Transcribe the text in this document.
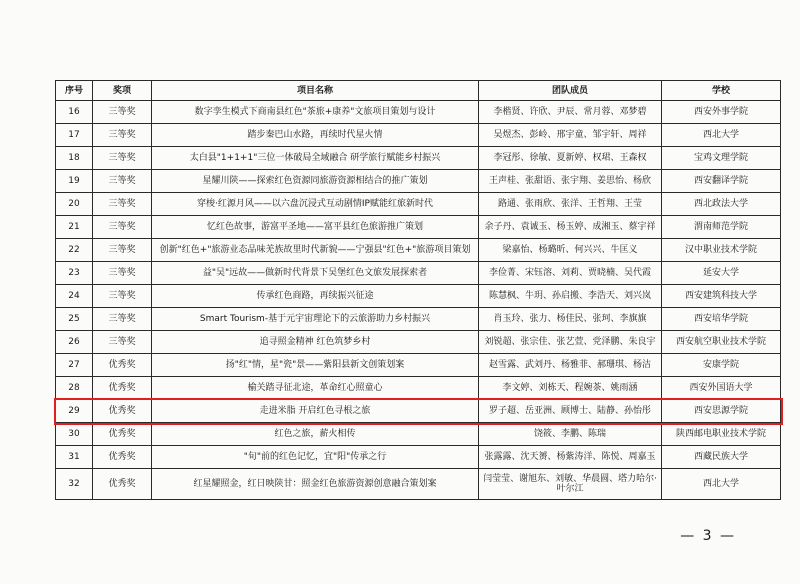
序号	奖项	项目名称	团队成员	学校
16	三等奖	数字孪生模式下商南县红色"茶旅+康养"文旅项目策划与设计	李楷贤、许欣、尹辰、常月蓉、邓梦碧	西安外事学院
17	三等奖	踏步秦巴山水路，再续时代星火情	吴煜杰、彭岭、邢宇童、邹宇轩、周祥	西北大学
18	三等奖	太白县"1+1+1"三位一体破局全域融合 研学旅行赋能乡村振兴	李冠彤、徐敏、夏新婷、权珺、王森权	宝鸡文理学院
19	三等奖	星耀川陕——探索红色资源同旅游资源相结合的推广策划	王声桂、张甜语、张宇翔、姜思怡、杨欣	西安翻译学院
20	三等奖	穿梭·红源月风——以六盘沉浸式互动剧情IP赋能红旅新时代	路通、张雨欣、张洋、王哲翔、王莹	西北政法大学
21	三等奖	忆红色故事，游富平圣地——富平县红色旅游推广策划	余子丹、袁诚玉、杨玉婷、成湘玉、蔡宇祥	渭南师范学院
22	三等奖	创新"红色+"旅游业态品味羌族故里时代新貌——宁强县"红色+"旅游项目策划	梁嘉怡、杨璐昕、何兴兴、牛匡义	汉中职业技术学院
23	三等奖	益"吴"远故——做新时代背景下吴堡红色文旅发展探索者	李俭菁、宋钰溶、刘莉、贾晓楠、吴代霞	延安大学
24	三等奖	传承红色商路，再续振兴征途	陈慧枫、牛玥、孙启搬、李浩天、刘兴岚	西安建筑科技大学
25	三等奖	Smart Tourism-基于元宇宙理论下的云旅游助力乡村振兴	肖玉玲、张力、杨佳民、张珂、李旗旗	西安培华学院
26	三等奖	追寻照金精神 红色筑梦乡村	刘锐超、张宗佳、张艺萱、党泽鹏、朱良宇	西安航空职业技术学院
27	优秀奖	扬"红"情，星"瓷"景——紫阳县新文创策划案	赵雪露、武刘丹、杨雅菲、郝珊琪、杨洁	安康学院
28	优秀奖	榆关踏寻征北途，革命红心照童心	李文婷、刘栋天、程婉茶、姚雨涵	西安外国语大学
29	优秀奖	走进米脂 开启红色寻根之旅	罗子超、岳亚洲、顾博士、陆静、孙怡彤	西安思源学院
30	优秀奖	红色之旅，薪火相传	饶筱、李鹏、陈瑞	陕西邮电职业技术学院
31	优秀奖	"旬"前的红色记忆，宜"阳"传承之行	张露露、沈天赟、杨紫涛洋、陈悦、周嘉玉	西藏民族大学
32	优秀奖	红星耀照金，红日映陕甘：照金红色旅游资源创意融合策划案	闫莹莹、谢旭东、刘敏、华晨圆、塔力哈尔·叶尔江	西北大学
— 3 —
